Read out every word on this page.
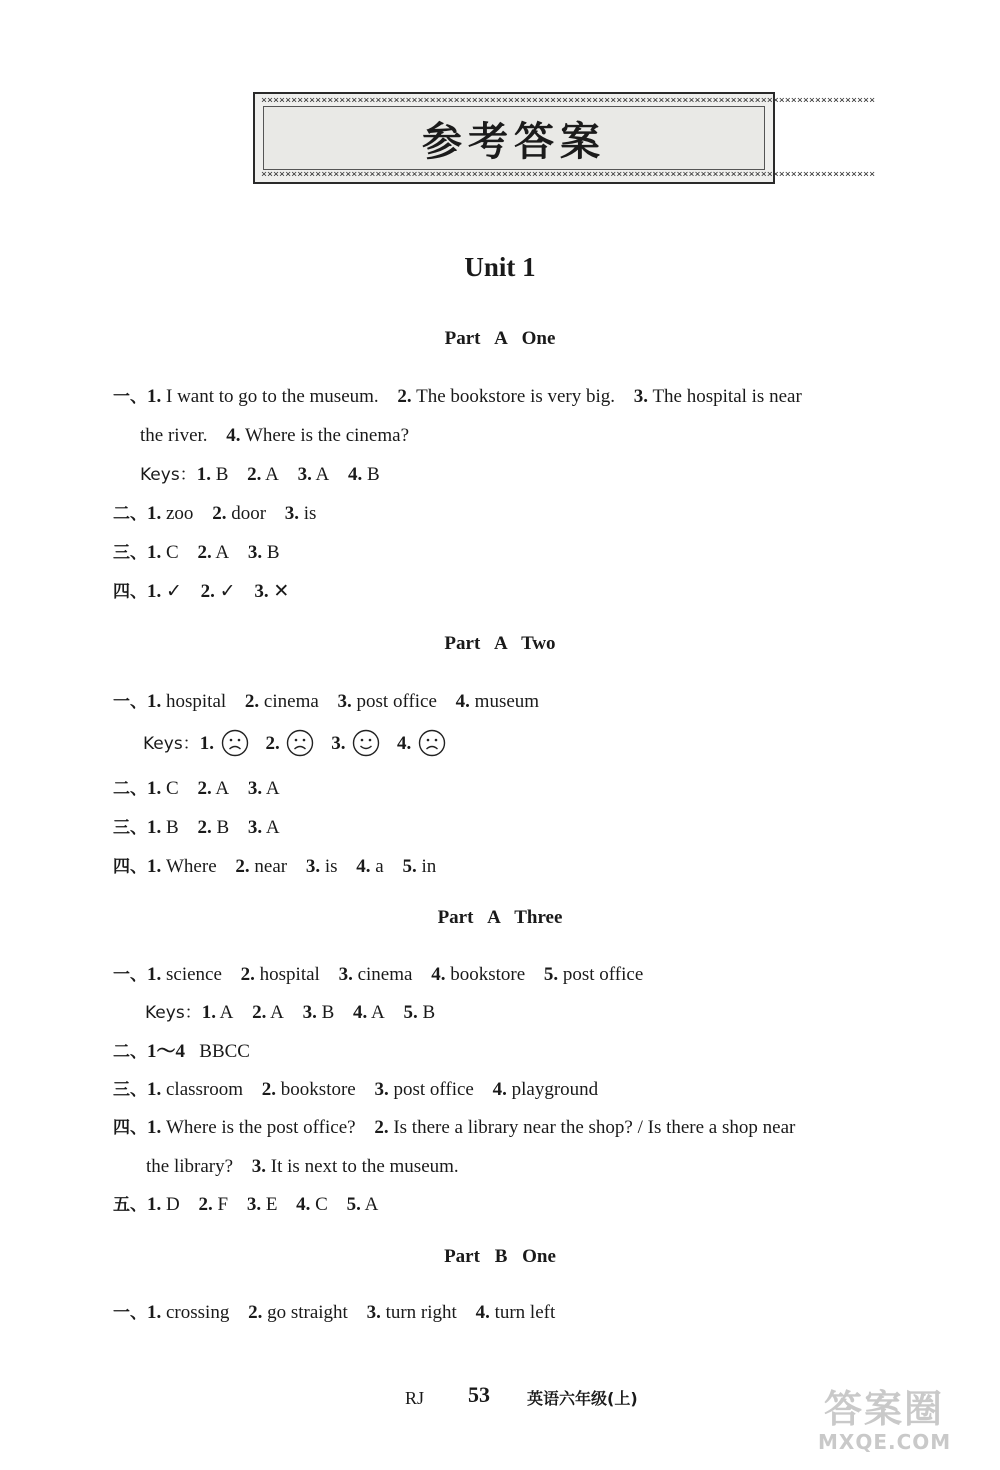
××××××××××××××××××××××××××××××××××××××××××××××××××××××××××××××××××××××××××××××××××××××××××××××××××××××
参考答案
××××××××××××××××××××××××××××××××××××××××××××××××××××××××××××××××××××××××××××××××××××××××××××××××××××××
Unit 1
Part A One
一、1. I want to go to the museum. 2. The bookstore is very big. 3. The hospital is near
the river. 4. Where is the cinema?
Keys：1. B 2. A 3. A 4. B
二、1. zoo 2. door 3. is
三、1. C 2. A 3. B
四、1. ✓ 2. ✓ 3. ✕
Part A Two
一、1. hospital 2. cinema 3. post office 4. museum
Keys：1.	2.	3.	4.
二、1. C 2. A 3. A
三、1. B 2. B 3. A
四、1. Where 2. near 3. is 4. a 5. in
Part A Three
一、1. science 2. hospital 3. cinema 4. bookstore 5. post office
Keys：1. A 2. A 3. B 4. A 5. B
二、1～4 BBCC
三、1. classroom 2. bookstore 3. post office 4. playground
四、1. Where is the post office? 2. Is there a library near the shop? / Is there a shop near
the library? 3. It is next to the museum.
五、1. D 2. F 3. E 4. C 5. A
Part B One
一、1. crossing 2. go straight 3. turn right 4. turn left
RJ 53 英语六年级(上)	答案圈
MXQE.COM
